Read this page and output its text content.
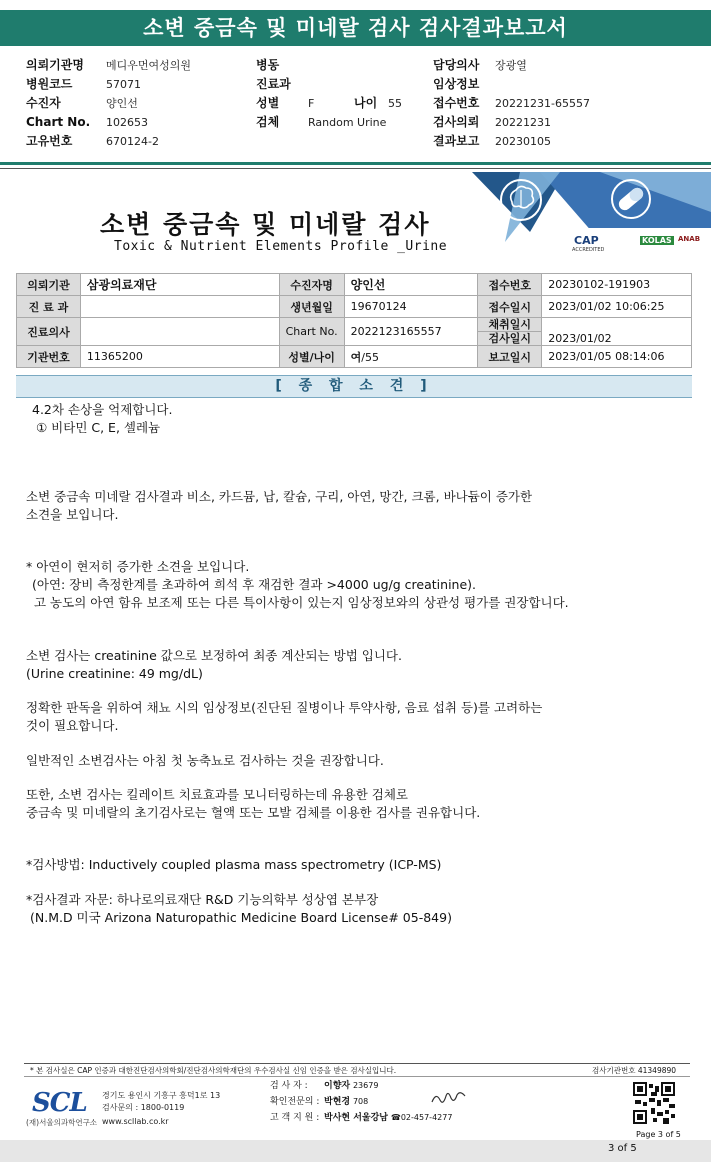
소변 중금속 및 미네랄 검사 검사결과보고서
의뢰기관명 메디우먼여성의원
병원코드	57071
수진자	양인선
Chart No. 102653
고유번호	670124-2
병동
진료과
성별	F	나이 55
검체	Random Urine
담당의사 장광열
임상정보
접수번호 20221231-65557
검사의뢰 20221231
결과보고 20230105
소변 중금속 및 미네랄 검사
Toxic & Nutrient Elements Profile _Urine	CAP
ACCREDITED
KOLAS ANAB
의뢰기관	삼광의료재단	수진자명	양인선	접수번호	20230102-191903
진 료 과		생년월일	19670124	접수일시	2023/01/02 10:06:25
진료의사		Chart No.	2022123165557	채취일시
검사일시	2023/01/02

기관번호	11365200	성별/나이	여/55	보고일시	2023/01/05 08:14:06
[ 종 합 소 견 ]
4.2차 손상을 억제합니다.
① 비타민 C, E, 셀레늄
소변 중금속 미네랄 검사결과 비소, 카드뮴, 납, 칼슘, 구리, 아연, 망간, 크롬, 바나듐이 증가한
소견을 보입니다.
* 아연이 현저히 증가한 소견을 보입니다.
(아연: 장비 측정한계를 초과하여 희석 후 재검한 결과 >4000 ug/g creatinine).
고 농도의 아연 함유 보조제 또는 다른 특이사항이 있는지 임상정보와의 상관성 평가를 권장합니다.
소변 검사는 creatinine 값으로 보정하여 최종 계산되는 방법 입니다.
(Urine creatinine: 49 mg/dL)
정확한 판독을 위하여 채뇨 시의 임상정보(진단된 질병이나 투약사항, 음료 섭취 등)를 고려하는
것이 필요합니다.
일반적인 소변검사는 아침 첫 농축뇨로 검사하는 것을 권장합니다.
또한, 소변 검사는 킬레이트 치료효과를 모니터링하는데 유용한 검체로
중금속 및 미네랄의 초기검사로는 혈액 또는 모발 검체를 이용한 검사를 권유합니다.
*검사방법: Inductively coupled plasma mass spectrometry (ICP-MS)
*검사결과 자문: 하나로의료재단 R&D 기능의학부 성상엽 본부장
(N.M.D 미국 Arizona Naturopathic Medicine Board License# 05-849)
* 본 검사실은 CAP 인증과 대한진단검사의학회/진단검사의학재단의 우수검사실 신임 인증을 받은 검사실입니다.	검사기관번호 41349890
SCL
(재)서울의과학연구소
경기도 용인시 기흥구 흥덕1로 13
검사문의 : 1800-0119
www.scllab.co.kr
검 사 자 : 이향자 23679
확인전문의 : 박현경 708
고 객 지 원 : 박사현 서울강남 ☎02-457-4277
Page 3 of 5
3 of 5
